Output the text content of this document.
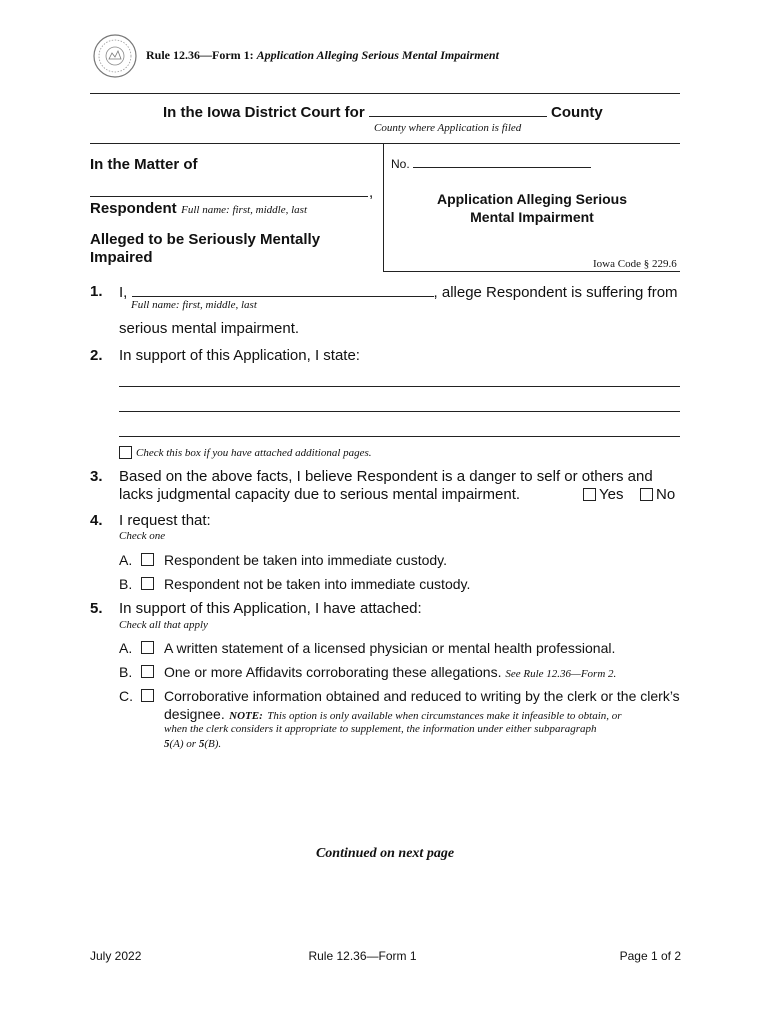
Rule 12.36—Form 1: Application Alleging Serious Mental Impairment
In the Iowa District Court for	County
County where Application is filed
In the Matter of
,
Respondent Full name: first, middle, last
Alleged to be Seriously Mentally
Impaired
No.
Application Alleging Serious
Mental Impairment
Iowa Code § 229.6
1. I,	, allege Respondent is suffering from
Full name: first, middle, last
serious mental impairment.
2. In support of this Application, I state:
Check this box if you have attached additional pages.
3. Based on the above facts, I believe Respondent is a danger to self or others and
lacks judgmental capacity due to serious mental impairment.	Yes No
4. I request that:
Check one
A. Respondent be taken into immediate custody.
B. Respondent not be taken into immediate custody.
5. In support of this Application, I have attached:
Check all that apply
A. A written statement of a licensed physician or mental health professional.
B. One or more Affidavits corroborating these allegations. See Rule 12.36—Form 2.
C. Corroborative information obtained and reduced to writing by the clerk or the clerk’s
designee. NOTE: This option is only available when circumstances make it infeasible to obtain, or
when the clerk considers it appropriate to supplement, the information under either subparagraph
5(A) or 5(B).
Continued on next page
July 2022	Rule 12.36—Form 1	Page 1 of 2
